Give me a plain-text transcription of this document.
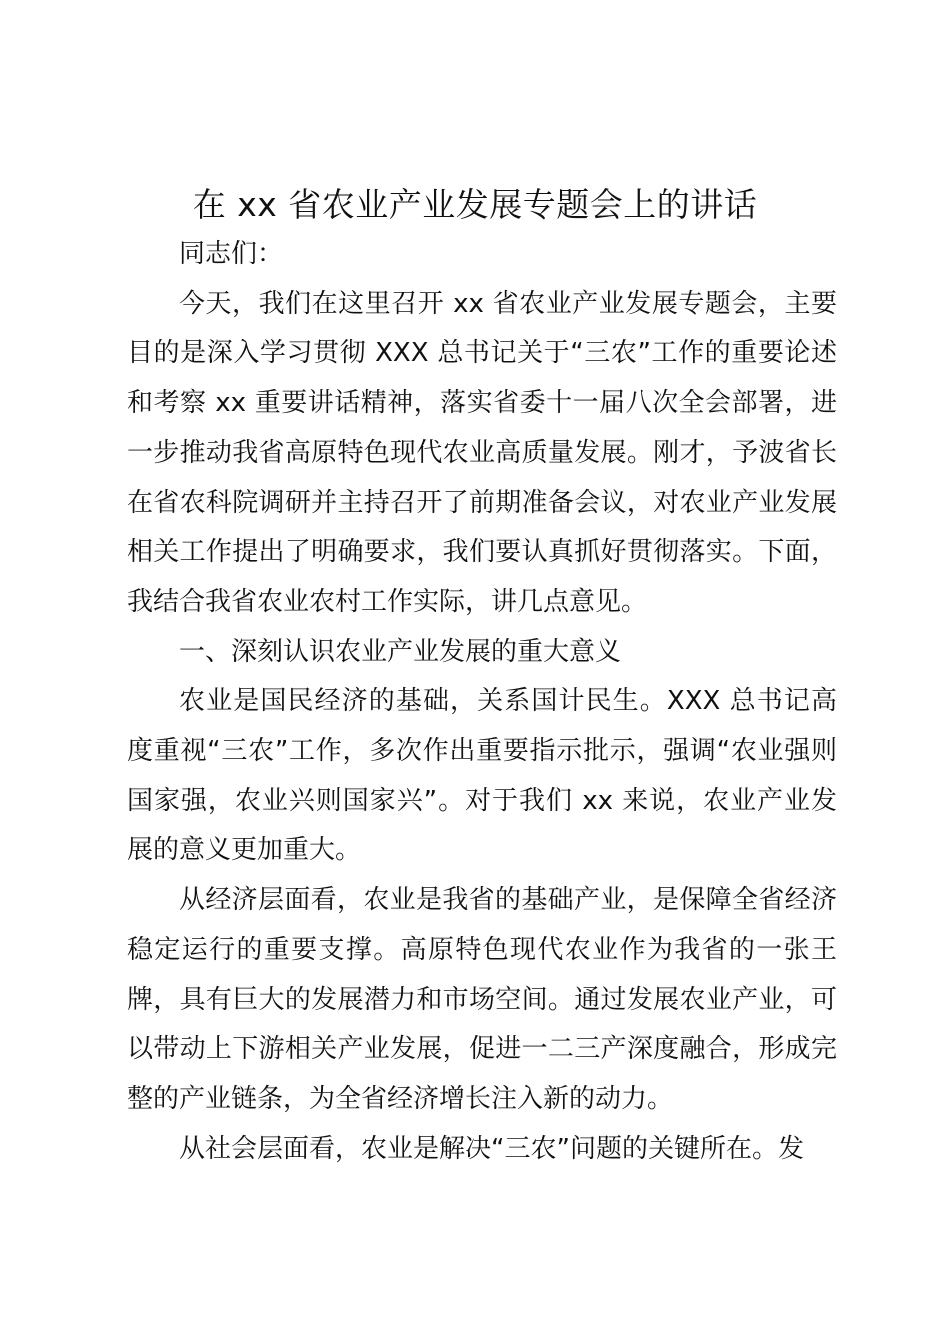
在 xx 省农业产业发展专题会上的讲话

同志们：

今天，我们在这里召开 xx 省农业产业发展专题会，主要目的是深入学习贯彻 XXX 总书记关于“三农”工作的重要论述和考察 xx 重要讲话精神，落实省委十一届八次全会部署，进一步推动我省高原特色现代农业高质量发展。刚才，予波省长在省农科院调研并主持召开了前期准备会议，对农业产业发展相关工作提出了明确要求，我们要认真抓好贯彻落实。下面，我结合我省农业农村工作实际，讲几点意见。

一、深刻认识农业产业发展的重大意义

农业是国民经济的基础，关系国计民生。XXX 总书记高度重视“三农”工作，多次作出重要指示批示，强调“农业强则国家强，农业兴则国家兴”。对于我们 xx 来说，农业产业发展的意义更加重大。

从经济层面看，农业是我省的基础产业，是保障全省经济稳定运行的重要支撑。高原特色现代农业作为我省的一张王牌，具有巨大的发展潜力和市场空间。通过发展农业产业，可以带动上下游相关产业发展，促进一二三产深度融合，形成完整的产业链条，为全省经济增长注入新的动力。

从社会层面看，农业是解决“三农”问题的关键所在。发
